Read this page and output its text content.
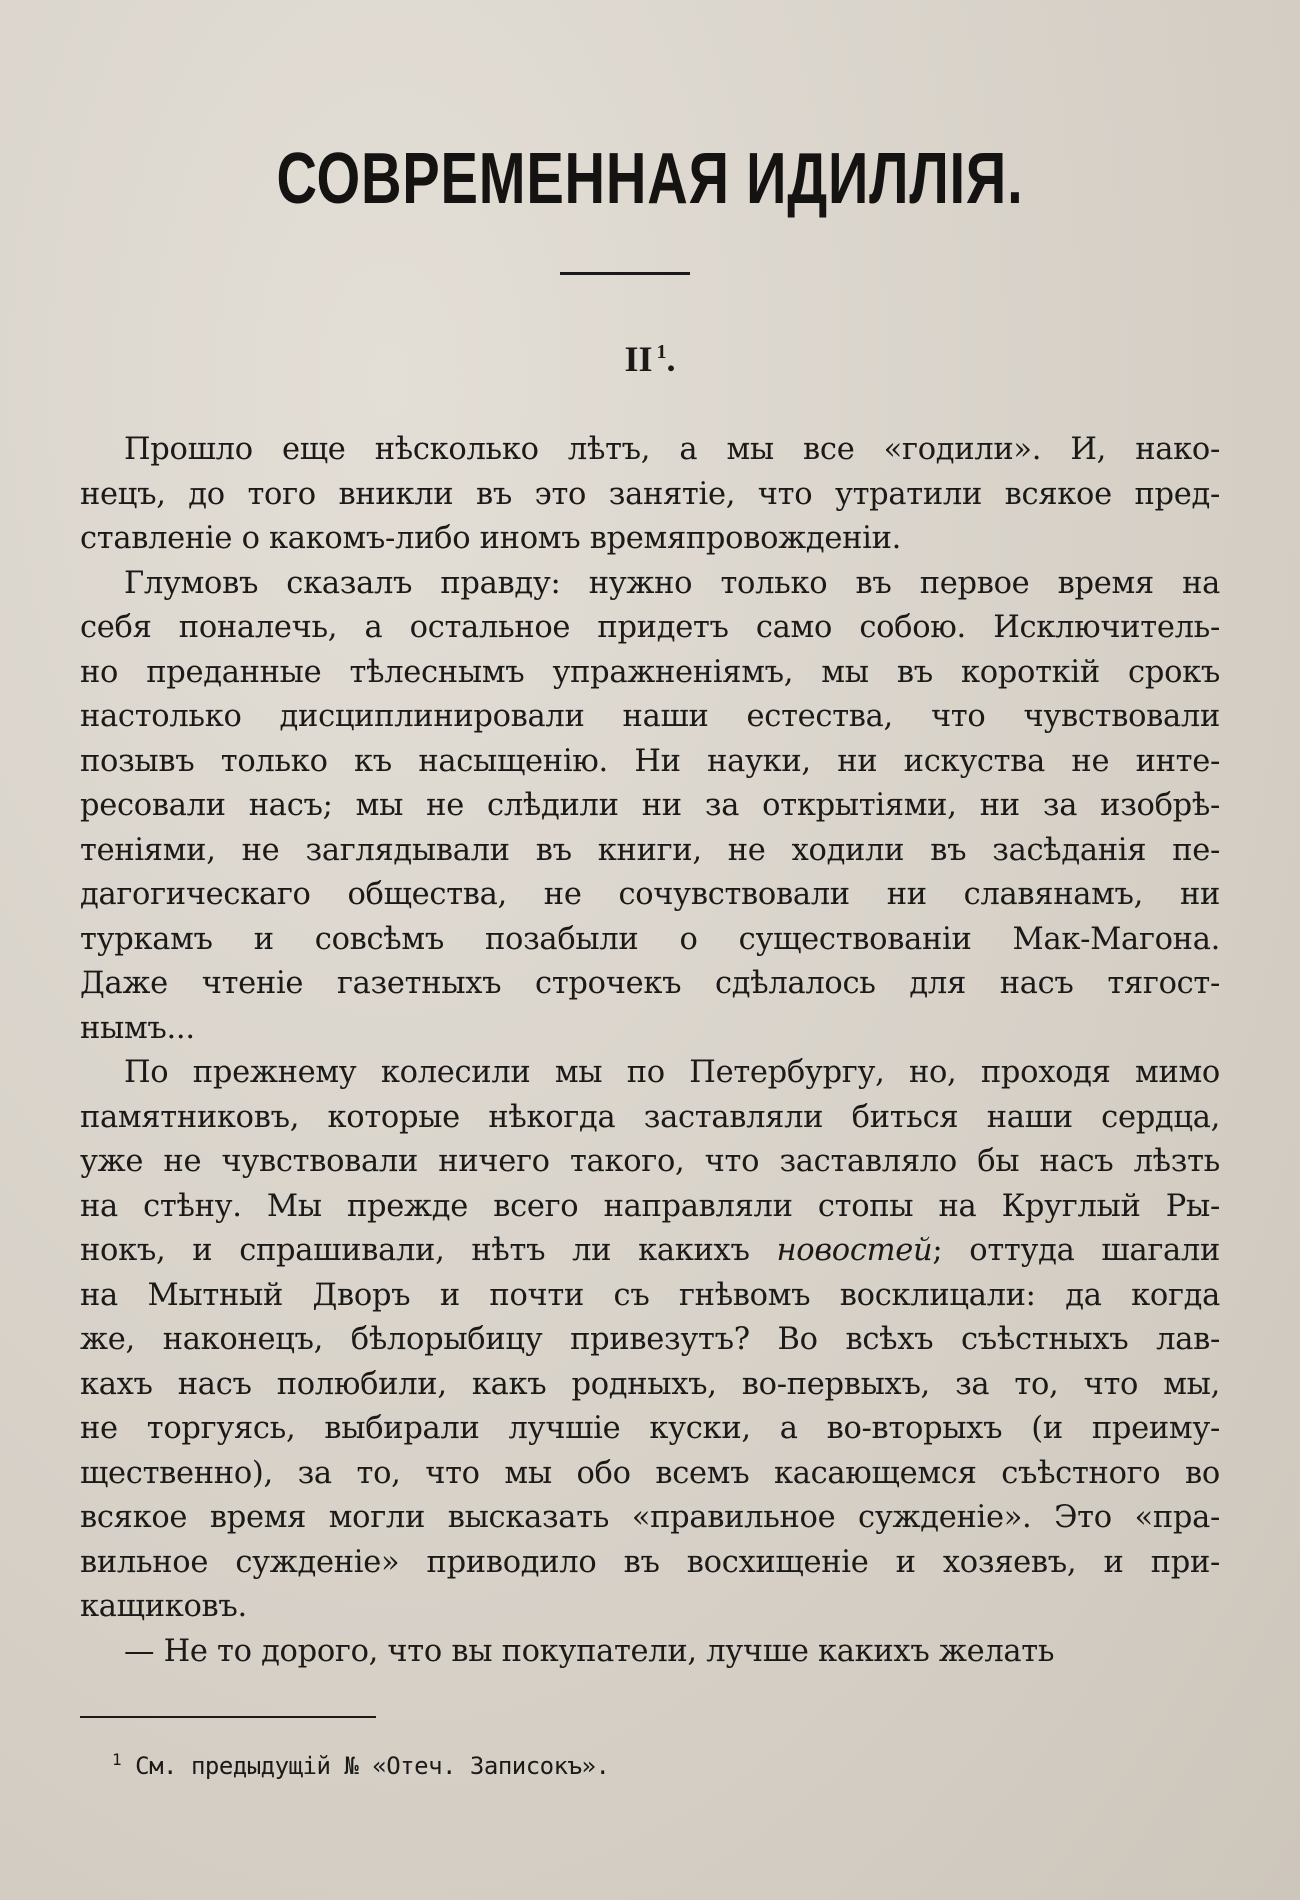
СОВРЕМЕННАЯ ИДИЛЛІЯ.
II $^1$.
Прошло еще нѣсколько лѣтъ, а мы все «годили». И, нако-
нецъ, до того вникли въ это занятіе, что утратили всякое пред-
ставленіе о какомъ-либо иномъ времяпровожденіи.
Глумовъ сказалъ правду: нужно только въ первое время на
себя поналечь, а остальное придетъ само собою. Исключитель-
но преданные тѣлеснымъ упражненіямъ, мы въ короткій срокъ
настолько дисциплинировали наши естества, что чувствовали
позывъ только къ насыщенію. Ни науки, ни искуства не инте-
ресовали насъ; мы не слѣдили ни за открытіями, ни за изобрѣ-
теніями, не заглядывали въ книги, не ходили въ засѣданія пе-
дагогическаго общества, не сочувствовали ни славянамъ, ни
туркамъ и совсѣмъ позабыли о существованіи Мак-Магона.
Даже чтеніе газетныхъ строчекъ сдѣлалось для насъ тягост-
нымъ...
По прежнему колесили мы по Петербургу, но, проходя мимо
памятниковъ, которые нѣкогда заставляли биться наши сердца,
уже не чувствовали ничего такого, что заставляло бы насъ лѣзть
на стѣну. Мы прежде всего направляли стопы на Круглый Ры-
нокъ, и спрашивали, нѣтъ ли какихъ новостей; оттуда шагали
на Мытный Дворъ и почти съ гнѣвомъ восклицали: да когда
же, наконецъ, бѣлорыбицу привезутъ? Во всѣхъ съѣстныхъ лав-
кахъ насъ полюбили, какъ родныхъ, во-первыхъ, за то, что мы,
не торгуясь, выбирали лучшіе куски, а во-вторыхъ (и преиму-
щественно), за то, что мы обо всемъ касающемся съѣстного во
всякое время могли высказать «правильное сужденіе». Это «пра-
вильное сужденіе» приводило въ восхищеніе и хозяевъ, и при-
кащиковъ.
— Не то дорого, что вы покупатели, лучше какихъ желать
$^1$ См. предыдущій № «Отеч. Записокъ».
